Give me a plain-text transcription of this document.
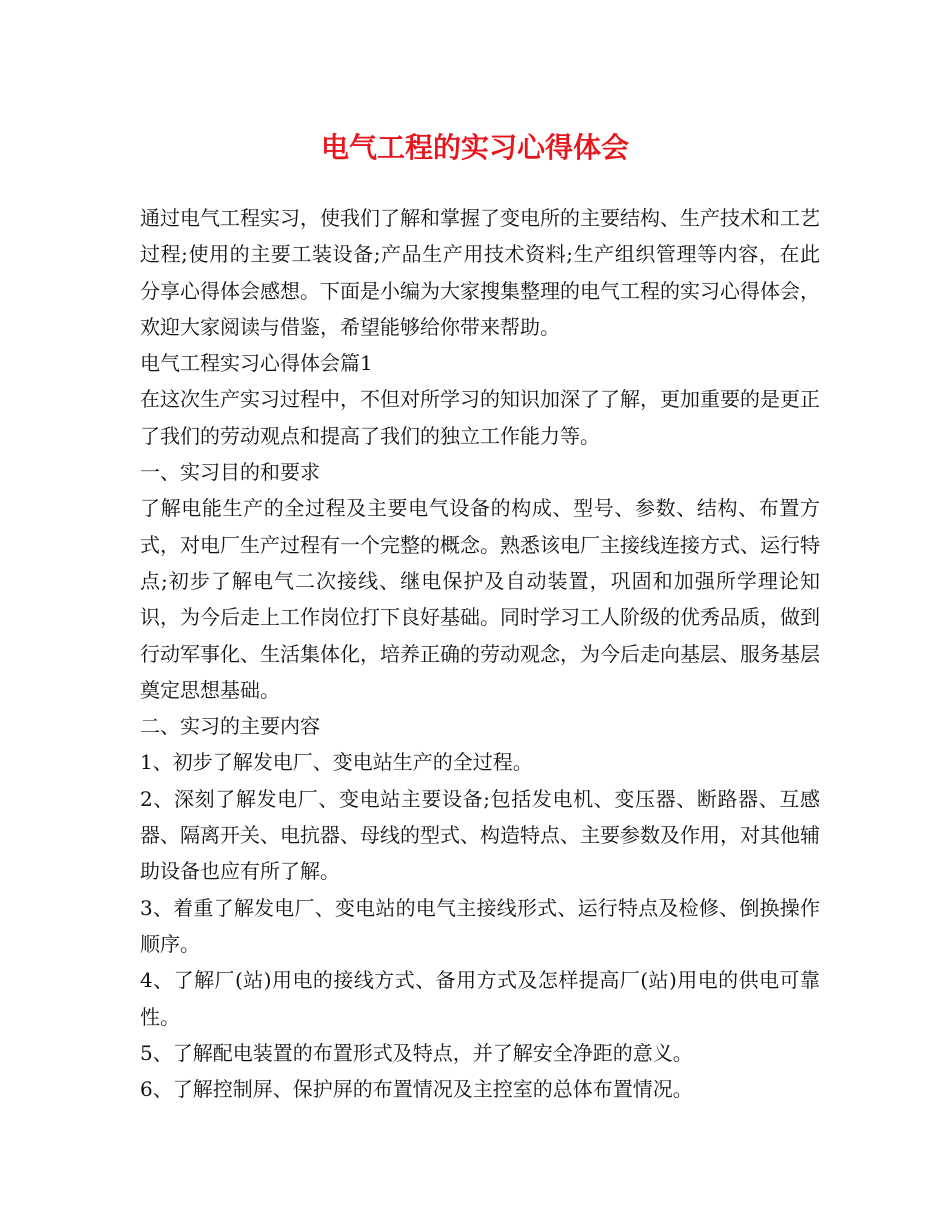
电气工程的实习心得体会

通过电气工程实习，使我们了解和掌握了变电所的主要结构、生产技术和工艺过程;使用的主要工装设备;产品生产用技术资料;生产组织管理等内容，在此分享心得体会感想。下面是小编为大家搜集整理的电气工程的实习心得体会，欢迎大家阅读与借鉴，希望能够给你带来帮助。

电气工程实习心得体会篇1

在这次生产实习过程中，不但对所学习的知识加深了了解，更加重要的是更正了我们的劳动观点和提高了我们的独立工作能力等。

一、实习目的和要求

了解电能生产的全过程及主要电气设备的构成、型号、参数、结构、布置方式，对电厂生产过程有一个完整的概念。熟悉该电厂主接线连接方式、运行特点;初步了解电气二次接线、继电保护及自动装置，巩固和加强所学理论知识，为今后走上工作岗位打下良好基础。同时学习工人阶级的优秀品质，做到行动军事化、生活集体化，培养正确的劳动观念，为今后走向基层、服务基层奠定思想基础。

二、实习的主要内容

1、初步了解发电厂、变电站生产的全过程。

2、深刻了解发电厂、变电站主要设备;包括发电机、变压器、断路器、互感器、隔离开关、电抗器、母线的型式、构造特点、主要参数及作用，对其他辅助设备也应有所了解。

3、着重了解发电厂、变电站的电气主接线形式、运行特点及检修、倒换操作顺序。

4、了解厂(站)用电的接线方式、备用方式及怎样提高厂(站)用电的供电可靠性。

5、了解配电装置的布置形式及特点，并了解安全净距的意义。

6、了解控制屏、保护屏的布置情况及主控室的总体布置情况。
